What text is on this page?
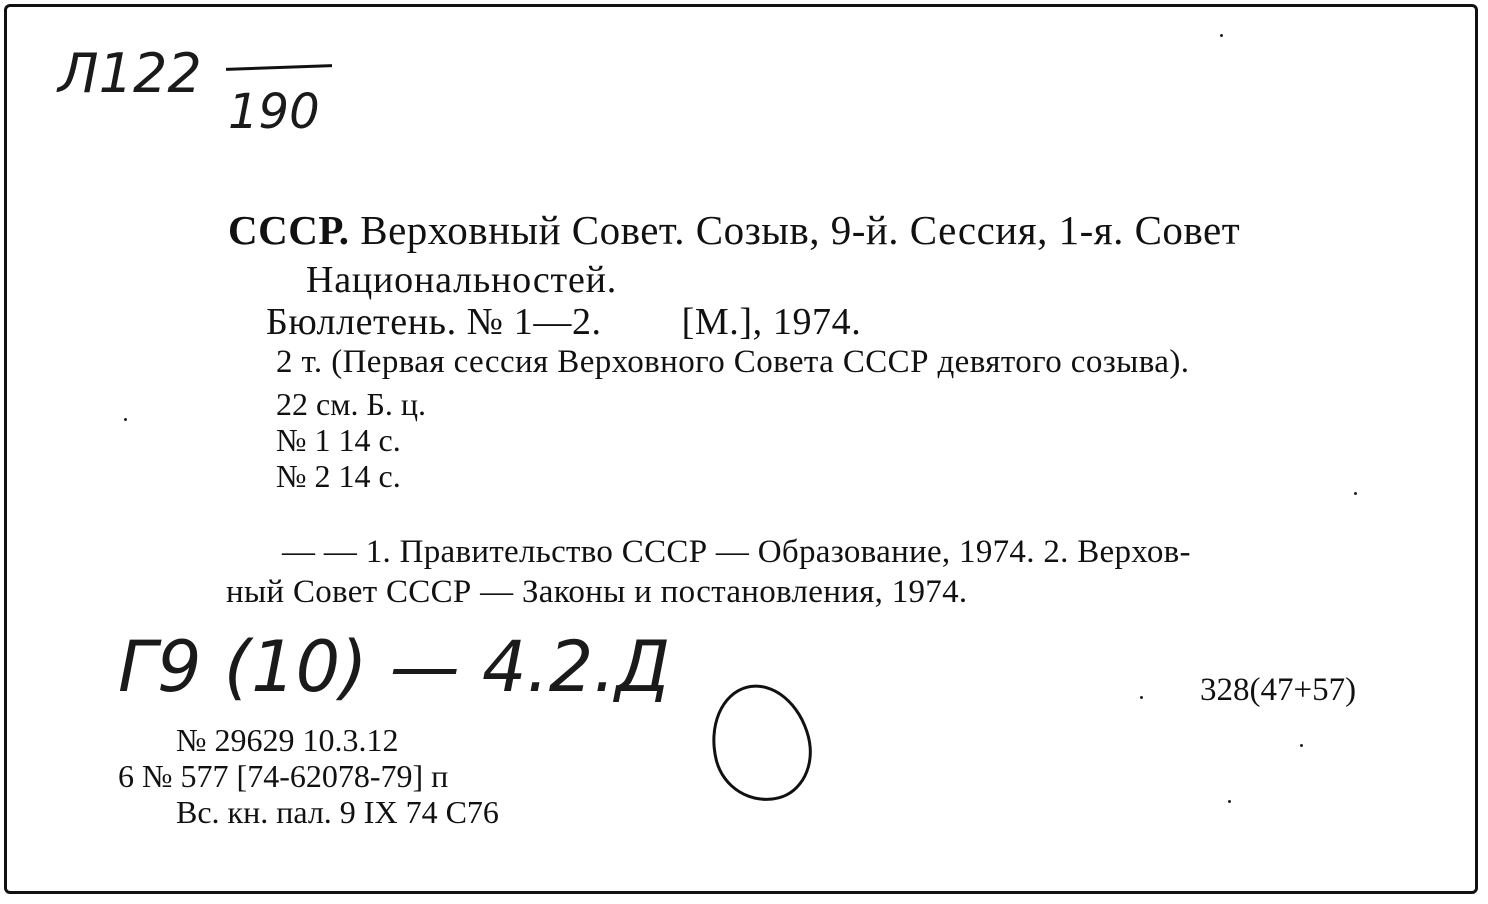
Л122
190
СССР. Верховный Совет. Созыв, 9-й. Сессия, 1-я. Совет
Национальностей.
Бюллетень. № 1—2. [М.], 1974.
2 т. (Первая сессия Верховного Совета СССР девятого созыва).
22 см. Б. ц.
№ 1 14 с.
№ 2 14 с.
— — 1. Правительство СССР — Образование, 1974. 2. Верхов-
ный Совет СССР — Законы и постановления, 1974.
Г9 (10) — 4.2.Д	328(47+57)
№ 29629 10.3.12
6 № 577 [74-62078-79] п
Вс. кн. пал. 9 IX 74 С76
